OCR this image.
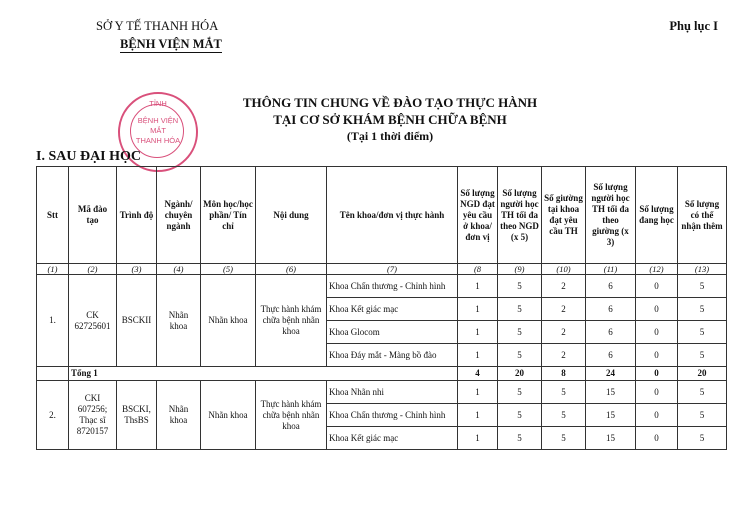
SỞ Y TẾ THANH HÓA
BỆNH VIỆN MẮT
Phụ lục I
TỈNH
BỆNH VIỆN
MẮT
THANH HÓA
THÔNG TIN CHUNG VỀ ĐÀO TẠO THỰC HÀNH
TẠI CƠ SỞ KHÁM BỆNH CHỮA BỆNH
(Tại 1 thời điểm)
I. SAU ĐẠI HỌC
Stt	Mã đào tạo	Trình độ	Ngành/ chuyên ngành	Môn học/học phần/ Tín chỉ	Nội dung	Tên khoa/đơn vị thực hành	Số lượng NGD đạt yêu cầu ở khoa/ đơn vị	Số lượng người học TH tối đa theo NGD (x 5)	Số giường tại khoa đạt yêu cầu TH	Số lượng người học TH tối đa theo giường (x 3)	Số lượng đang học	Số lượng có thể nhận thêm
(1)	(2)	(3)	(4)	(5)	(6)	(7)	(8	(9)	(10)	(11)	(12)	(13)
1.	CK 62725601	BSCKII	Nhãn khoa	Nhãn khoa	Thực hành khám chữa bệnh nhãn khoa	Khoa Chấn thương - Chỉnh hình	1	5	2	6	0	5
						Khoa Kết giác mạc	1	5	2	6	0	5
						Khoa Glocom	1	5	2	6	0	5
						Khoa Đáy mắt - Màng bồ đào	1	5	2	6	0	5
	Tổng 1						4	20	8	24	0	20
2.	CKI 607256; Thạc sĩ 8720157	BSCKI, ThsBS	Nhãn khoa	Nhãn khoa	Thực hành khám chữa bệnh nhãn khoa	Khoa Nhãn nhi	1	5	5	15	0	5
						Khoa Chấn thương - Chỉnh hình	1	5	5	15	0	5
						Khoa Kết giác mạc	1	5	5	15	0	5
